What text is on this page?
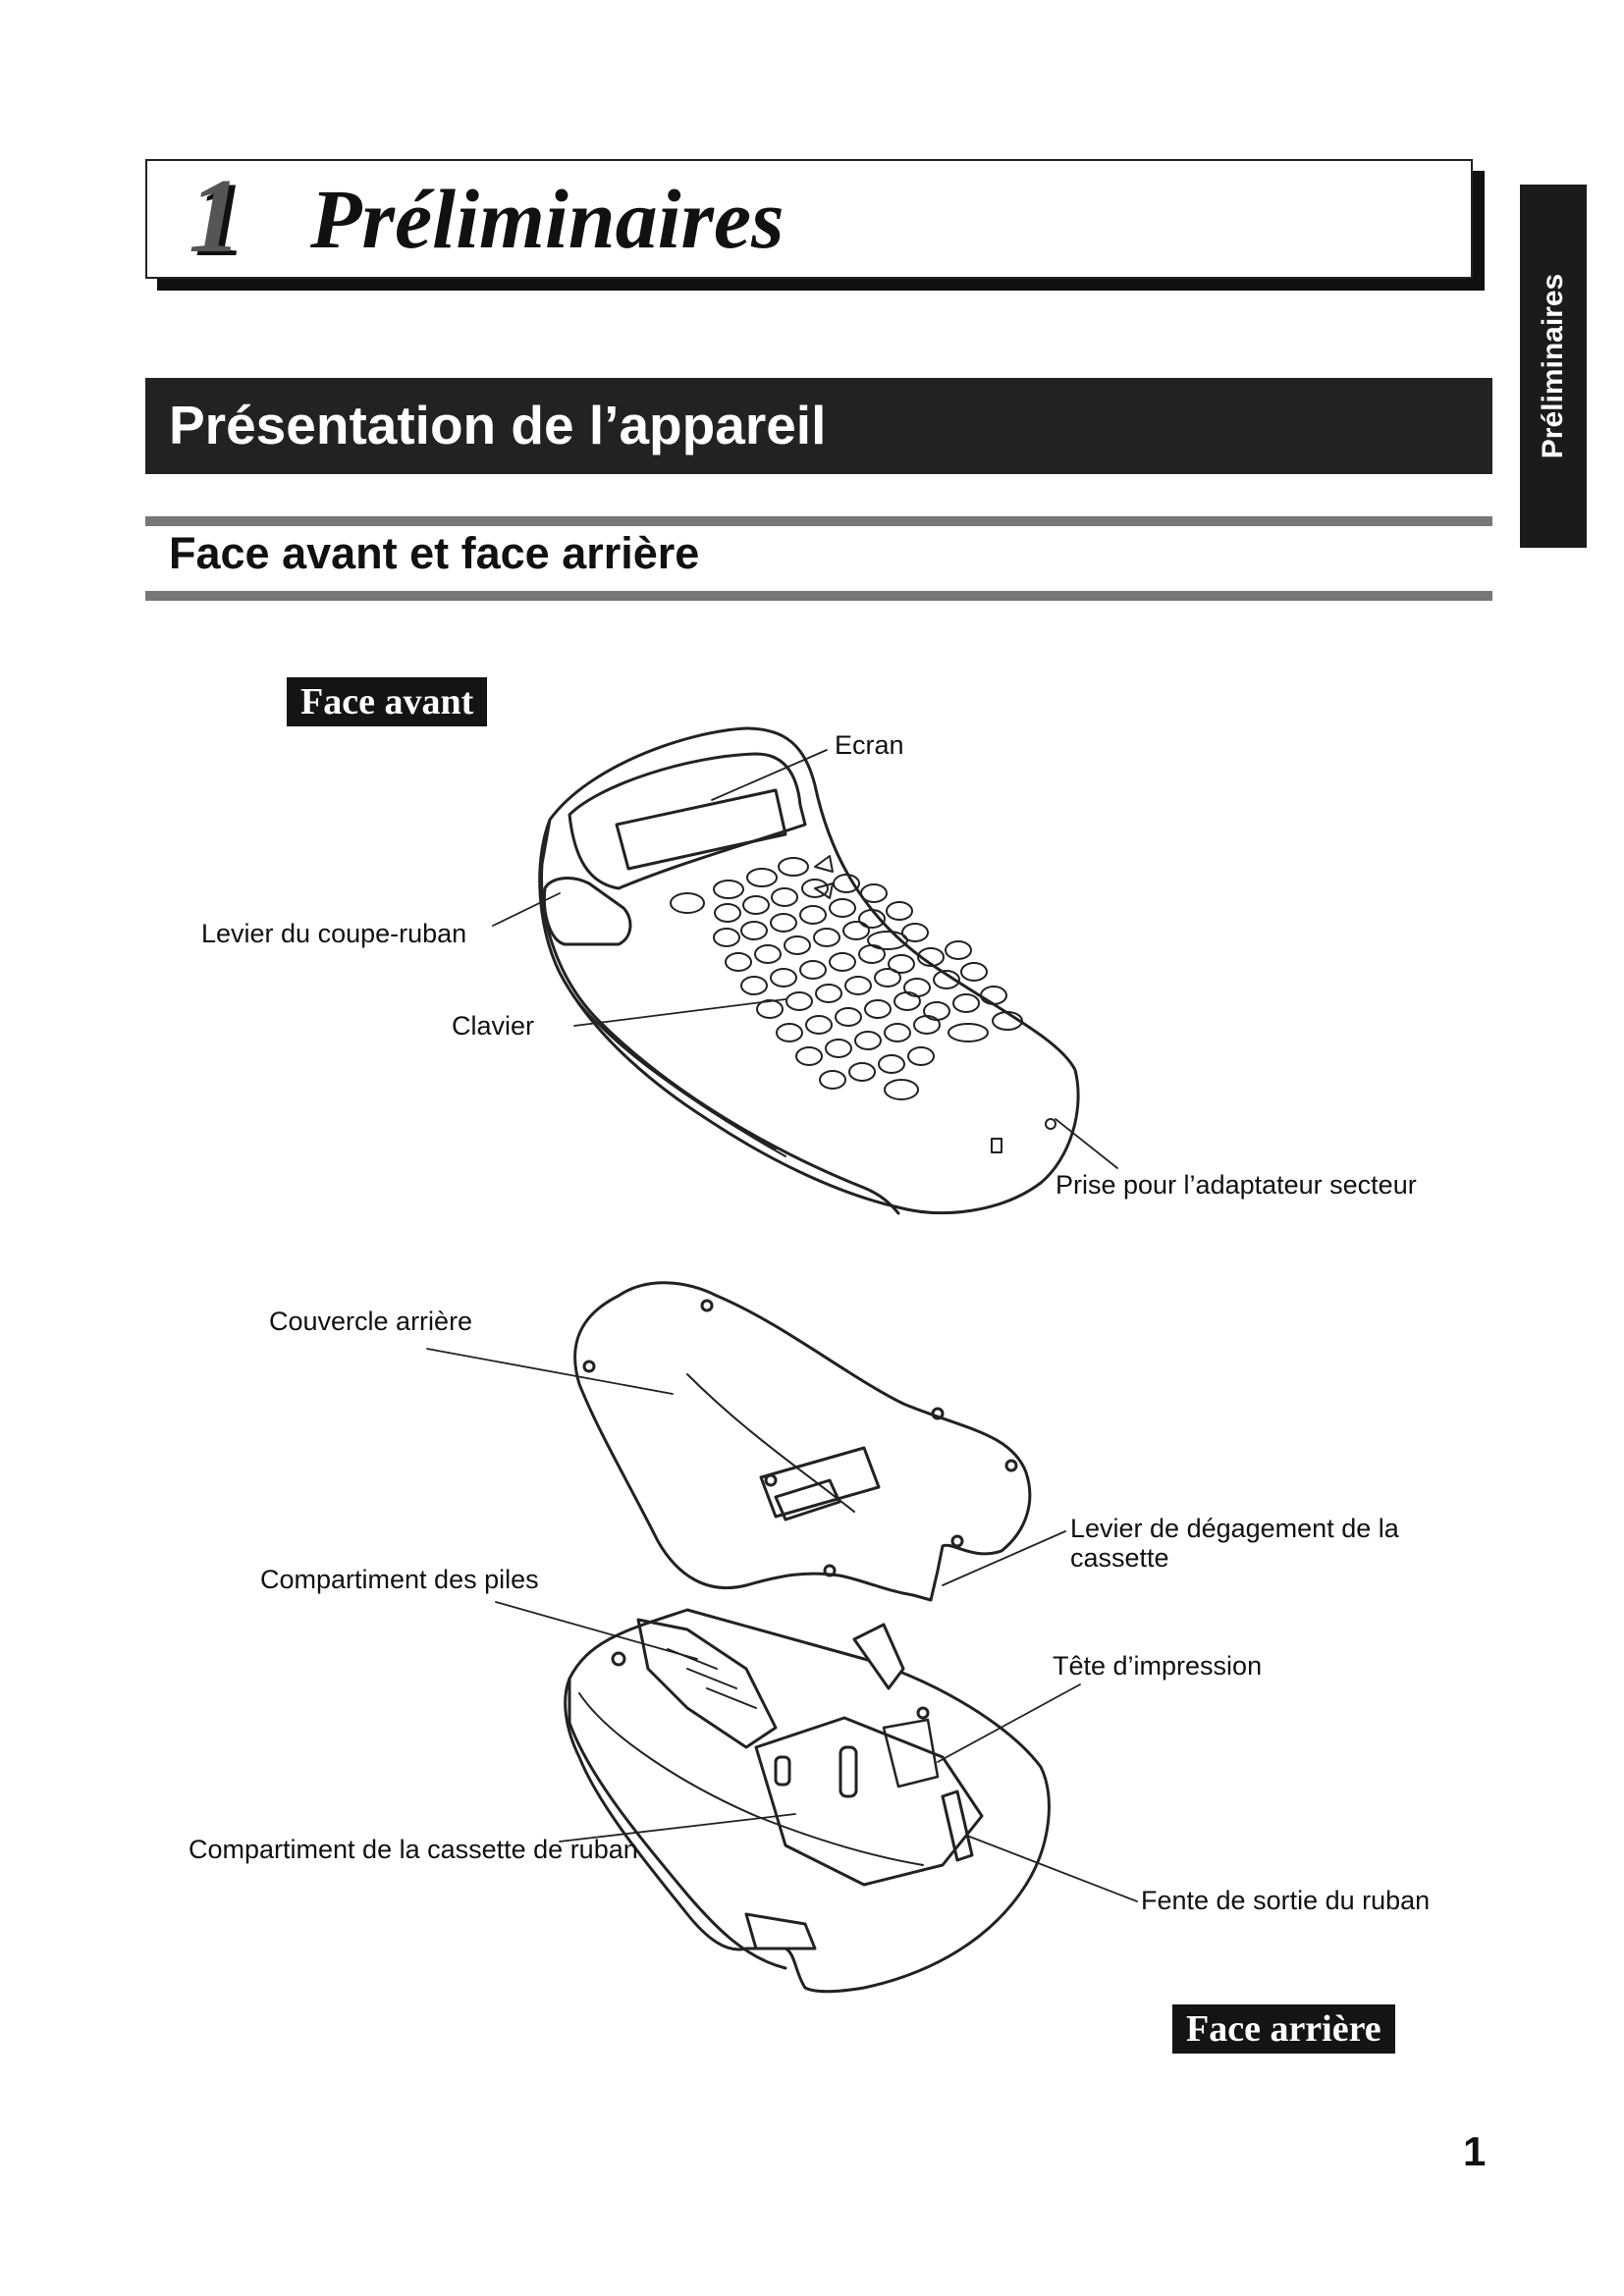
1 Préliminaires
Préliminaires
Présentation de l’appareil
Face avant et face arrière
Face avant
Face arrière
Ecran
Levier du coupe-ruban
Clavier
Prise pour l’adaptateur secteur
Couvercle arrière
Levier de dégagement de la
cassette
Compartiment des piles
Tête d’impression
Compartiment de la cassette de ruban
Fente de sortie du ruban
1
